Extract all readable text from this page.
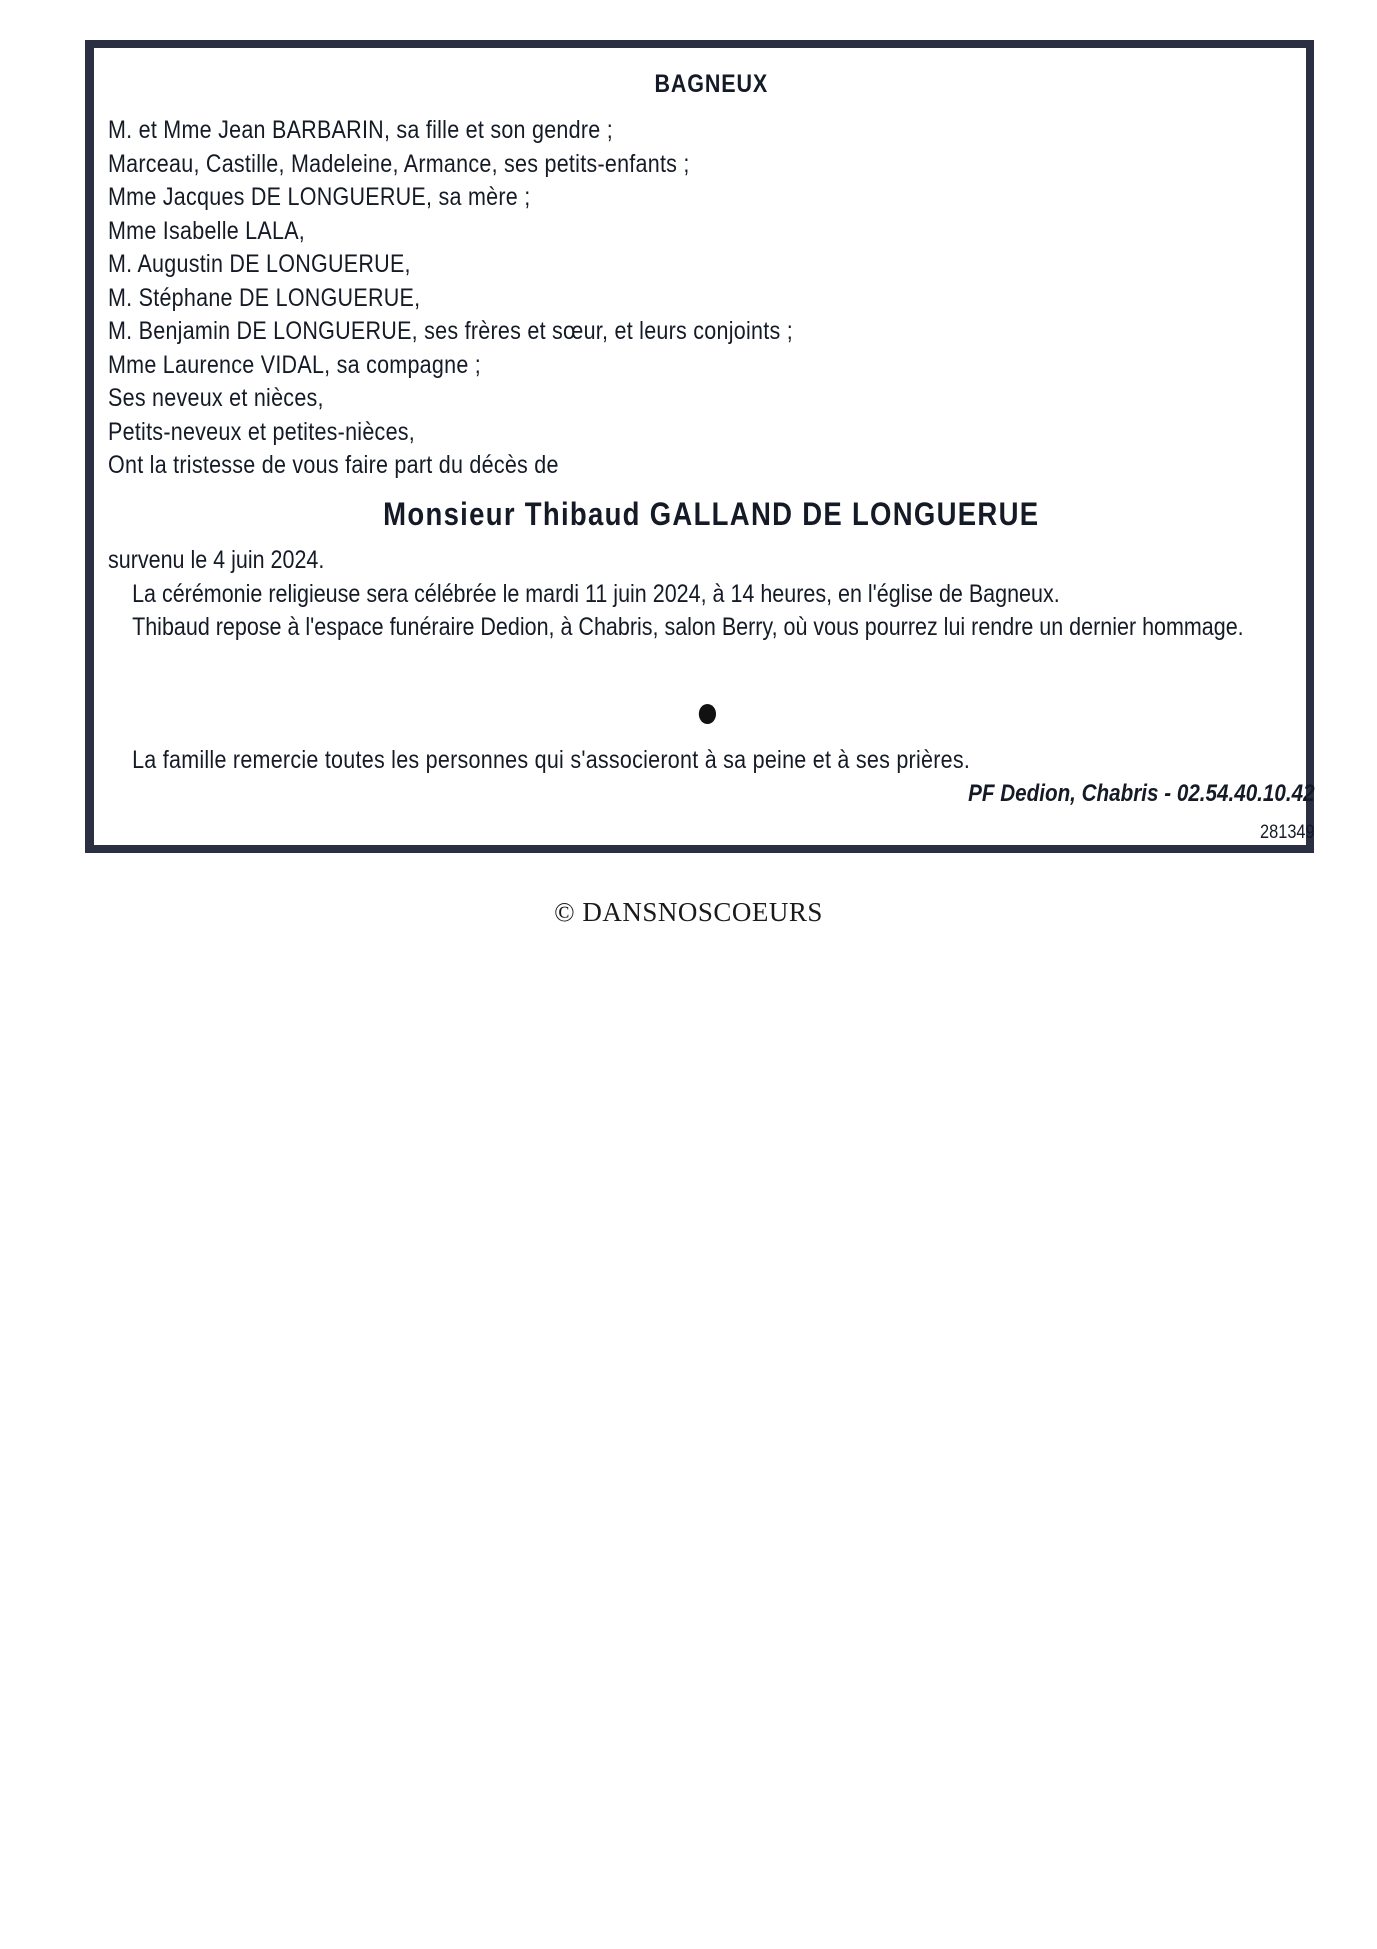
BAGNEUX
M. et Mme Jean BARBARIN, sa fille et son gendre ;
Marceau, Castille, Madeleine, Armance, ses petits-enfants ;
Mme Jacques DE LONGUERUE, sa mère ;
Mme Isabelle LALA,
M. Augustin DE LONGUERUE,
M. Stéphane DE LONGUERUE,
M. Benjamin DE LONGUERUE, ses frères et sœur, et leurs conjoints ;
Mme Laurence VIDAL, sa compagne ;
Ses neveux et nièces,
Petits-neveux et petites-nièces,
Ont la tristesse de vous faire part du décès de
Monsieur Thibaud GALLAND DE LONGUERUE

survenu le 4 juin 2024.

La cérémonie religieuse sera célébrée le mardi 11 juin 2024, à 14 heures, en l'église de Bagneux.

Thibaud repose à l'espace funéraire Dedion, à Chabris, salon Berry, où vous pourrez lui rendre un dernier hommage.

La famille remercie toutes les personnes qui s'associeront à sa peine et à ses prières.
PF Dedion, Chabris - 02.54.40.10.42
281349
© DANSNOSCOEURS
